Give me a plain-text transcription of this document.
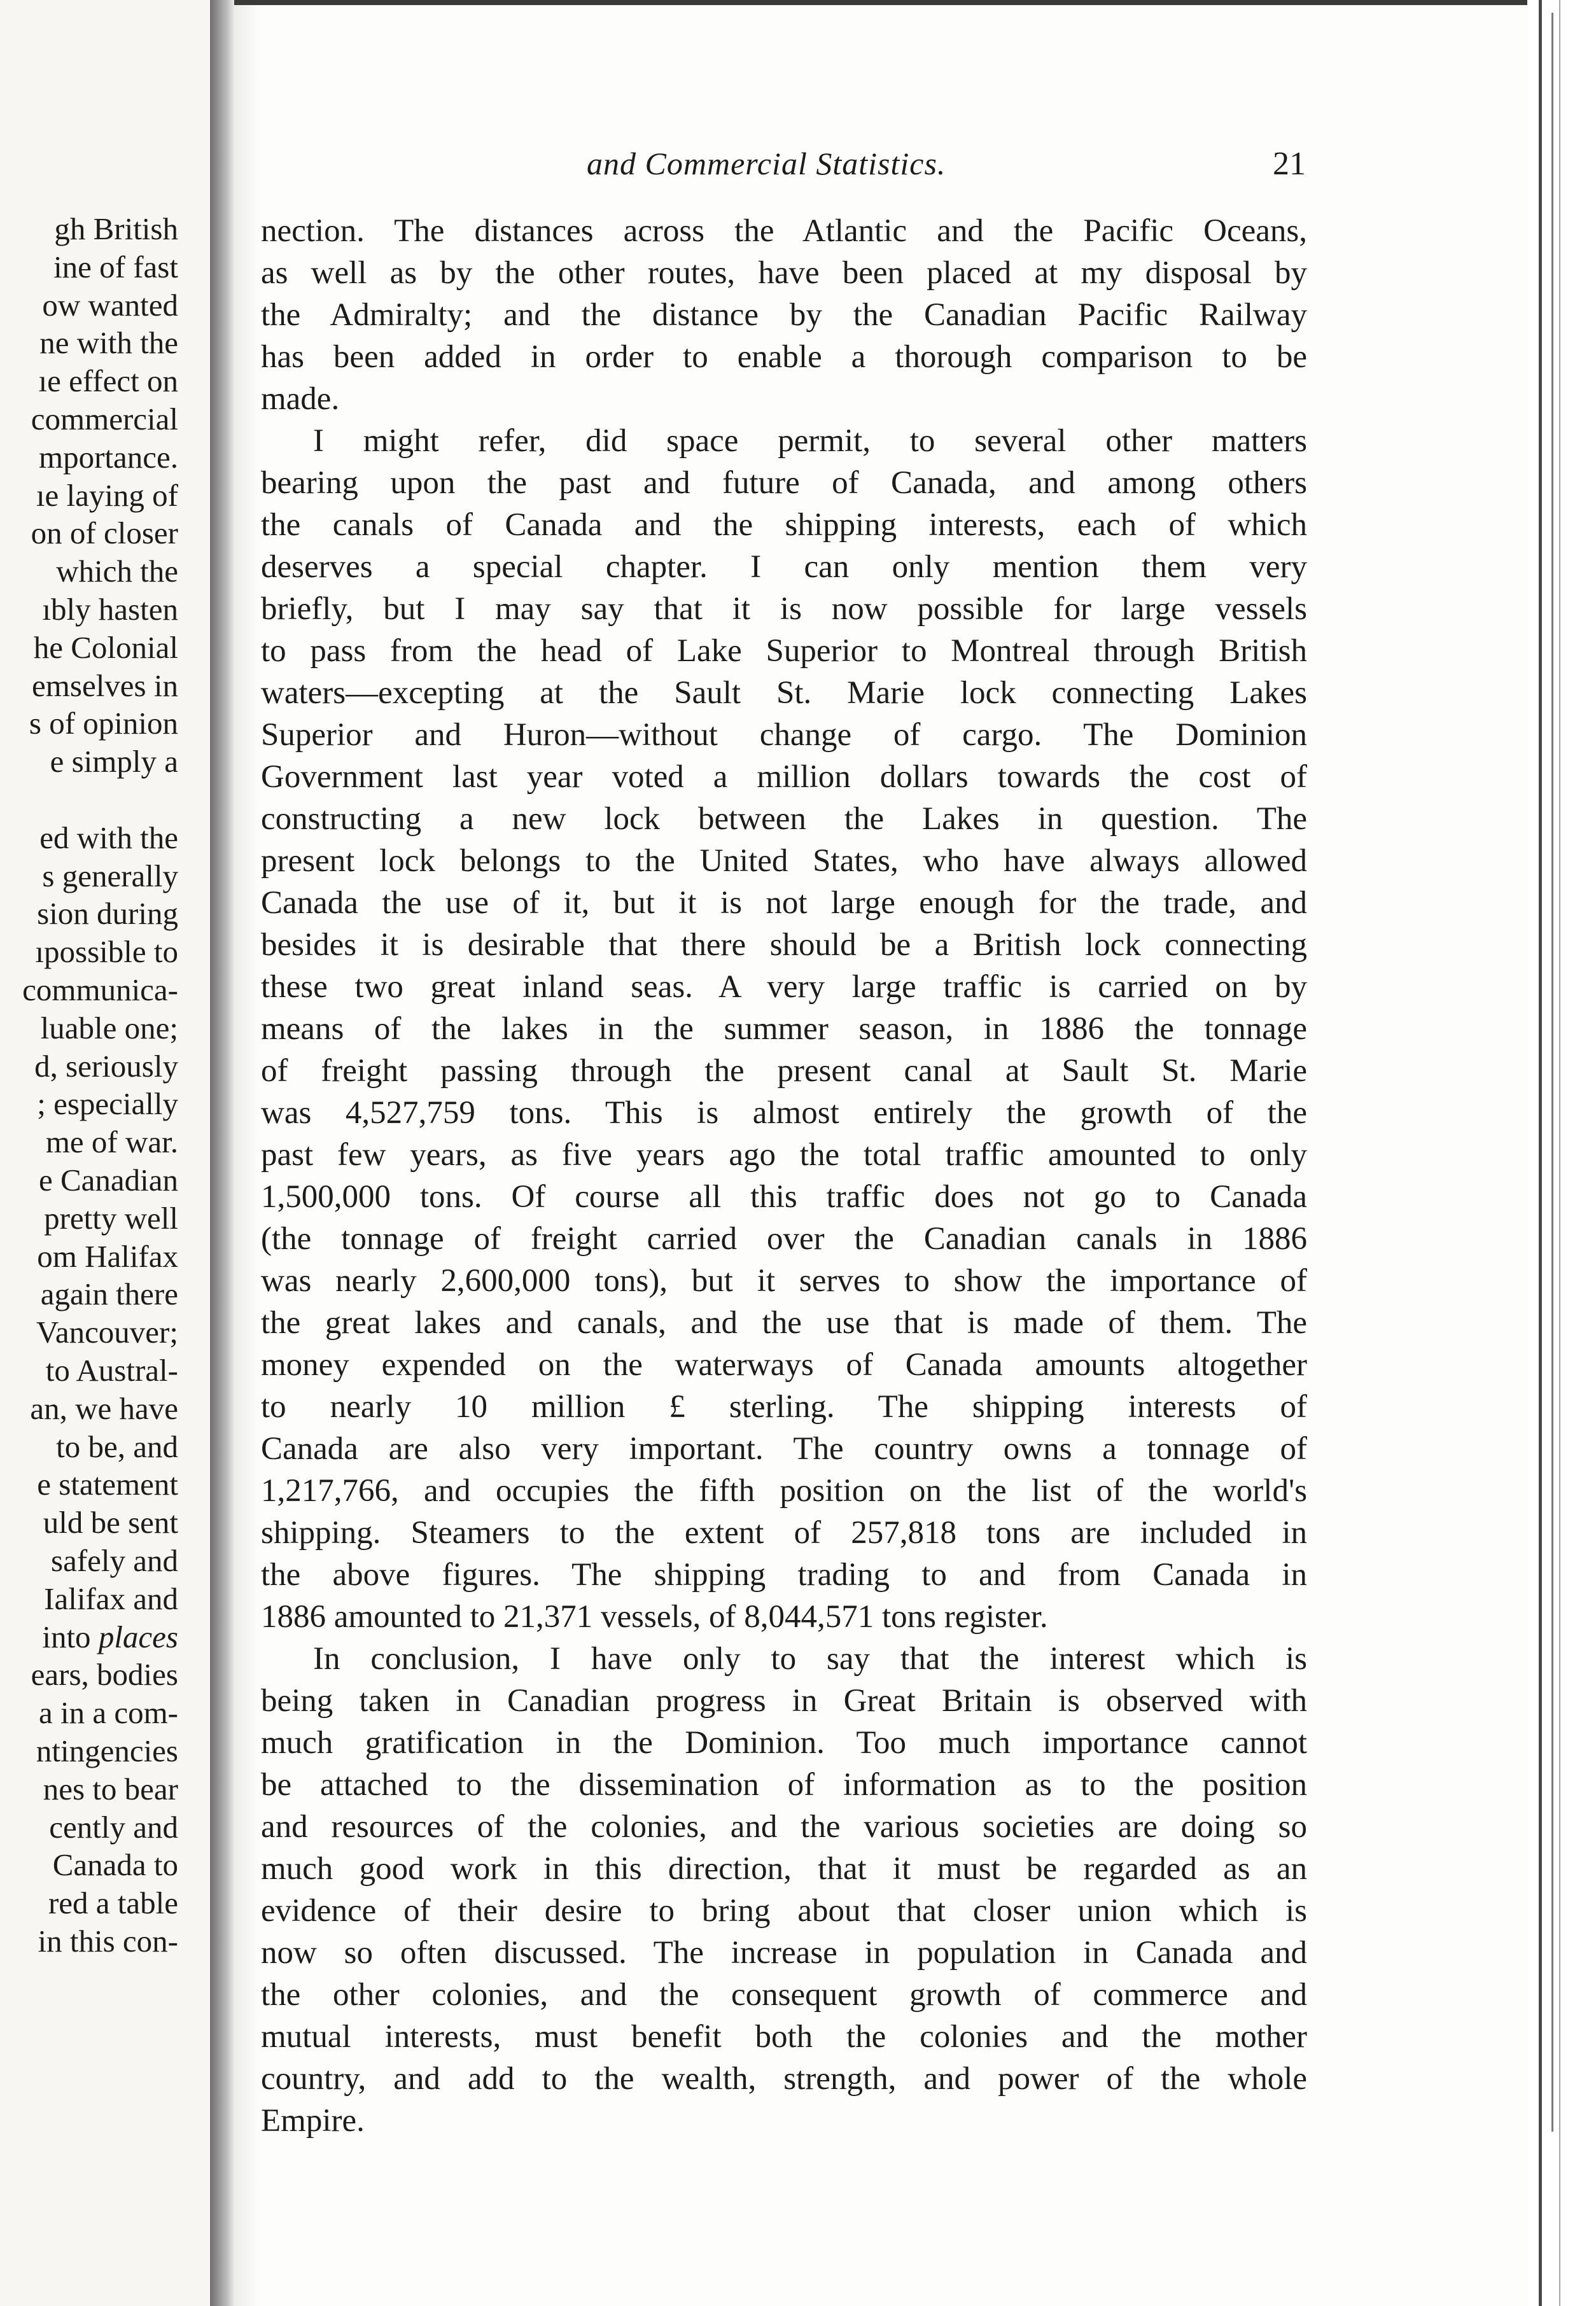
gh British
ine of fast
ow wanted
ne with the
ıe effect on
commercial
mportance.
ıe laying of
on of closer
which the
ıbly hasten
he Colonial
emselves in
s of opinion
e simply a
ed with the
s generally
sion during
ıpossible to
communica-
luable one;
d, seriously
; especially
me of war.
e Canadian
pretty well
om Halifax
again there
Vancouver;
to Austral-
an, we have
to be, and
e statement
uld be sent
safely and
Ialifax and
into places
ears, bodies
a in a com-
ntingencies
nes to bear
cently and
Canada to
red a table
in this con-
and Commercial Statistics.	21
nection. The distances across the Atlantic and the Pacific Oceans,
as well as by the other routes, have been placed at my disposal by
the Admiralty; and the distance by the Canadian Pacific Railway
has been added in order to enable a thorough comparison to be
made.
I might refer, did space permit, to several other matters
bearing upon the past and future of Canada, and among others
the canals of Canada and the shipping interests, each of which
deserves a special chapter. I can only mention them very
briefly, but I may say that it is now possible for large vessels
to pass from the head of Lake Superior to Montreal through British
waters—excepting at the Sault St. Marie lock connecting Lakes
Superior and Huron—without change of cargo. The Dominion
Government last year voted a million dollars towards the cost of
constructing a new lock between the Lakes in question. The
present lock belongs to the United States, who have always allowed
Canada the use of it, but it is not large enough for the trade, and
besides it is desirable that there should be a British lock connecting
these two great inland seas. A very large traffic is carried on by
means of the lakes in the summer season, in 1886 the tonnage
of freight passing through the present canal at Sault St. Marie
was 4,527,759 tons. This is almost entirely the growth of the
past few years, as five years ago the total traffic amounted to only
1,500,000 tons. Of course all this traffic does not go to Canada
(the tonnage of freight carried over the Canadian canals in 1886
was nearly 2,600,000 tons), but it serves to show the importance of
the great lakes and canals, and the use that is made of them. The
money expended on the waterways of Canada amounts altogether
to nearly 10 million £ sterling. The shipping interests of
Canada are also very important. The country owns a tonnage of
1,217,766, and occupies the fifth position on the list of the world's
shipping. Steamers to the extent of 257,818 tons are included in
the above figures. The shipping trading to and from Canada in
1886 amounted to 21,371 vessels, of 8,044,571 tons register.
In conclusion, I have only to say that the interest which is
being taken in Canadian progress in Great Britain is observed with
much gratification in the Dominion. Too much importance cannot
be attached to the dissemination of information as to the position
and resources of the colonies, and the various societies are doing so
much good work in this direction, that it must be regarded as an
evidence of their desire to bring about that closer union which is
now so often discussed. The increase in population in Canada and
the other colonies, and the consequent growth of commerce and
mutual interests, must benefit both the colonies and the mother
country, and add to the wealth, strength, and power of the whole
Empire.
